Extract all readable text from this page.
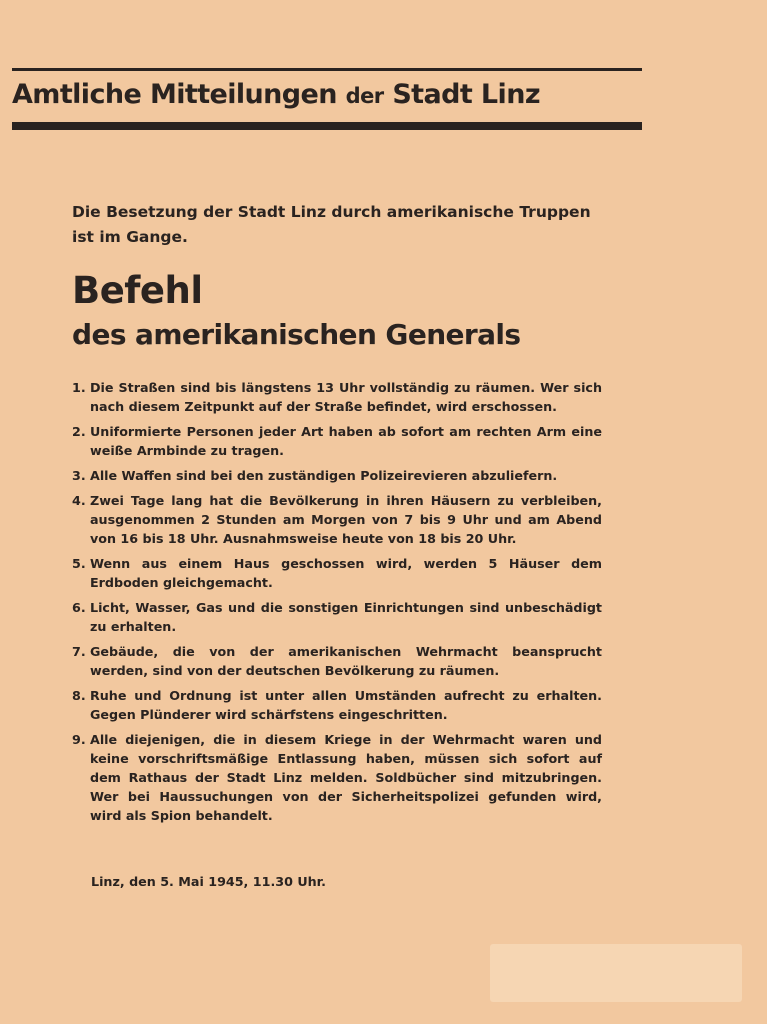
Amtliche Mitteilungen der Stadt Linz
Die Besetzung der Stadt Linz durch amerikanische Truppen ist im Gange.
Befehl
des amerikanischen Generals
1. Die Straßen sind bis längstens 13 Uhr vollständig zu räumen. Wer sich nach diesem Zeitpunkt auf der Straße befindet, wird erschossen.
2. Uniformierte Personen jeder Art haben ab sofort am rechten Arm eine weiße Armbinde zu tragen.
3. Alle Waffen sind bei den zuständigen Polizeirevieren abzuliefern.
4. Zwei Tage lang hat die Bevölkerung in ihren Häusern zu verbleiben, ausgenommen 2 Stunden am Morgen von 7 bis 9 Uhr und am Abend von 16 bis 18 Uhr. Ausnahmsweise heute von 18 bis 20 Uhr.
5. Wenn aus einem Haus geschossen wird, werden 5 Häuser dem Erdboden gleichgemacht.
6. Licht, Wasser, Gas und die sonstigen Einrichtungen sind unbeschädigt zu erhalten.
7. Gebäude, die von der amerikanischen Wehrmacht beansprucht werden, sind von der deutschen Bevölkerung zu räumen.
8. Ruhe und Ordnung ist unter allen Umständen aufrecht zu erhalten. Gegen Plünderer wird schärfstens eingeschritten.
9. Alle diejenigen, die in diesem Kriege in der Wehrmacht waren und keine vorschriftsmäßige Entlassung haben, müssen sich sofort auf dem Rathaus der Stadt Linz melden. Soldbücher sind mitzubringen. Wer bei Haussuchungen von der Sicherheitspolizei gefunden wird, wird als Spion behandelt.
Linz, den 5. Mai 1945, 11.30 Uhr.
